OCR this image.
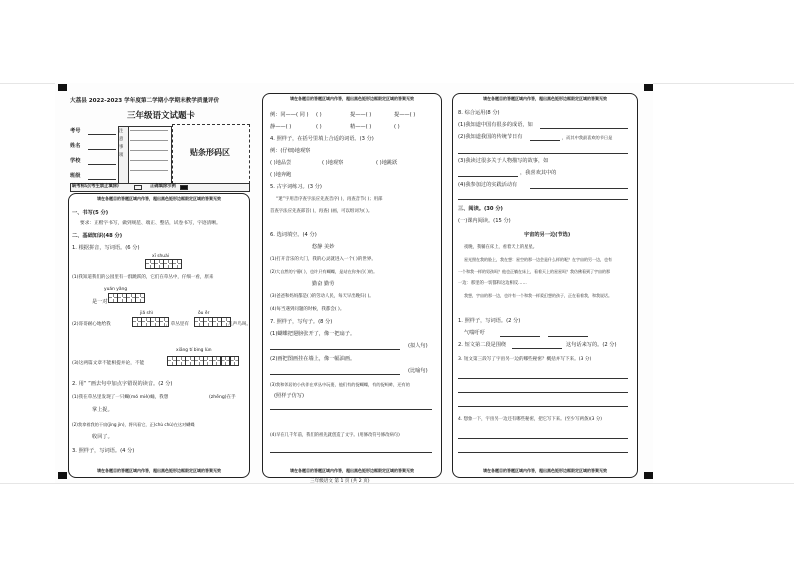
大荔县 2022-2023 学年度第二学期小学期末教学质量评价
三年级语文试题卡
考号
姓名
学校
班级
注 意 事 项	贴条形码区
缺考标记(考生禁止填涂)	正确填涂示例
请在各题目的答题区域内作答，超出黑色矩形边框限定区域的答案无效
请在各题目的答题区域内作答，超出黑色矩形边框限定区域的答案无效
一、书写(5 分)
要求：正楷字书写，做到规范、端正、整洁，试卷书写，字迹清晰。
二、基础知识(48 分)
1. 根据拼音，写词语。(6 分)
xī shuài
(1)我知道我们的公园里有一群跳跃的，它们在草丛中，仔细一看，原来
是一对
yuán yǎng
jiǎ shì	ǒu ěr
(2)哥哥耐心地给我	，草丛里有	几声鸟叫。
xiāng tí bìng lùn
(3)这两篇文章不能相提并论，不能
2. 用“ ”画去句中加点字错误的读音。(2 分)
(1)我在草丛里发现了一只蝴(mó miè)蛹，我想	(zhēng)在手
掌上捉。
(2)我拿着我的干扇(jìng jìn)，将风看它，正(chù chù)在这对蝴蝶
收回了。
3. 照样子，写词语。(4 分)
请在各题目的答题区域内作答，超出黑色矩形边框限定区域的答案无效
请在各题目的答题区域内作答，超出黑色矩形边框限定区域的答案无效
例：同——( 同 ) ( )	提——( )	提——( )
静——( )	( )	精——( )	( )
4. 照样子，在括号里填上合适的词语。(3 分)
例：(仔细)地观察
( )地品尝	( )地观察	( )地跳跃
( )地奔跑
5. 古字词练习。(3 分)
“迷”字用音序查字法应先查音序( )，再查音节( )；用部
首查字法应先查部首( )，再查( )画，可以组词为( )。
6. 选词填空。(4 分)
悠静 美妙
(1)打开音乐的大门，我的心灵就进入一个( )的世界。
(2)大自然的宁静( )，也许只有蝴蝶，是站在你身后( )的。
勤奋 勤劳
(3)爸爸和妈妈都是( )的劳动人民，每天早出晚归( )。
(4)每当遇到问题的时候，我都会( )。
7. 照样子，写句子。(8 分)
(1)蝴蝶把翅膀张开了，像一把扇子。
(拟人句)
(2)画把图画挂在墙上，像一幅油画。
(比喻句)
(3)我和邻居的小伙伴在草丛中玩耍，他们有的捉蝴蝶，有的捉蚂蚱，还有的
(照样子仿写)
(4)早在几千年前，我们的祖先就创造了文字。(用修改符号修改病句)
请在各题目的答题区域内作答，超出黑色矩形边框限定区域的答案无效
请在各题目的答题区域内作答，超出黑色矩形边框限定区域的答案无效
8. 综合运用(8 分)
(1)我知道中国有很多的成语，如
(2)我知道我国的传统节日有	，而其中我最喜欢的节日是
(3)我读过很多关于人物描写的故事，如
，我喜欢其中的
(4)我参加过的实践活动有
三、阅读。(30 分)
(一)课内阅读。(15 分)
宇宙的另一边(节选)
夜晚，我躺在床上，看着天上的星星。
星光照在我的脸上，我在想：星空的那一边会是什么样的呢？在宇宙的另一边，也有
一个和我一样的男孩吗？他也正躺在床上，看着天上的星星吗？我仿佛看到了宇宙的那
一边：那里的一切都和这边相反……
我想，宇宙的那一边，也许有一个和我一样爱幻想的孩子，正在看着我，和我说话。
1. 照样子，写词语。(2 分)
气喘吁吁
2. 短文第二段是围绕	这句话来写的。(2 分)
3. 短文第三段写了宇宙另一边的哪些秘密？概括并写下来。(3 分)
4. 想象一下，宇宙另一边还有哪些秘密，把它写下来。(至少写两条)(3 分)
三年级语文 第 1 页 (共 2 页)
